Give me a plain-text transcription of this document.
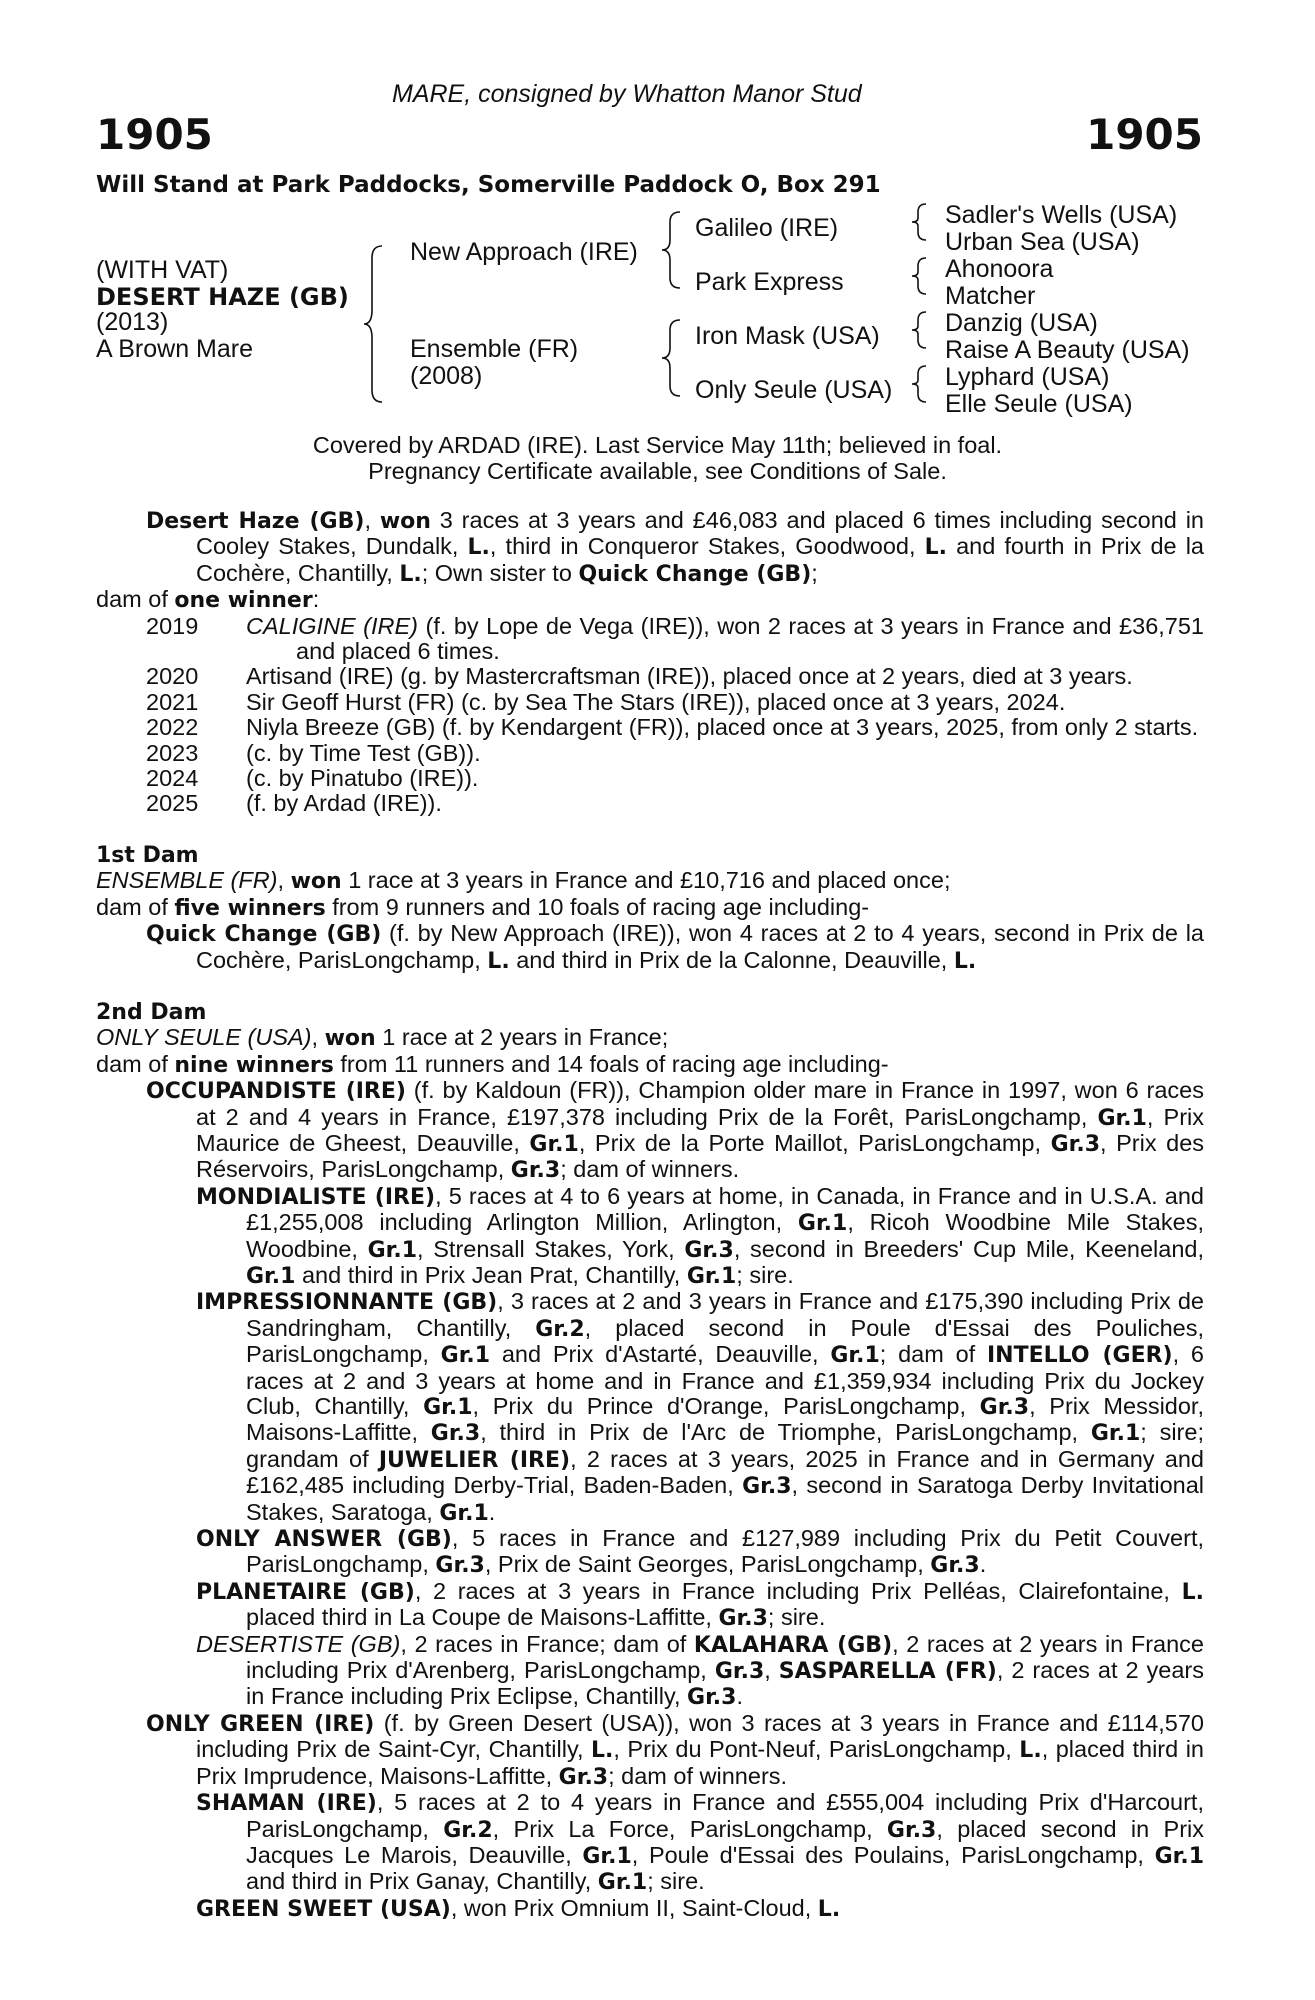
MARE, consigned by Whatton Manor Stud
1905	1905
Will Stand at Park Paddocks, Somerville Paddock O, Box 291
(WITH VAT)
DESERT HAZE (GB)
(2013)
A Brown Mare
New Approach (IRE)
Ensemble (FR)
(2008)
Galileo (IRE)
Park Express
Iron Mask (USA)
Only Seule (USA)
Sadler's Wells (USA)
Urban Sea (USA)
Ahonoora
Matcher
Danzig (USA)
Raise A Beauty (USA)
Lyphard (USA)
Elle Seule (USA)
Covered by ARDAD (IRE). Last Service May 11th; believed in foal.
Pregnancy Certificate available, see Conditions of Sale.

Desert Haze (GB), won 3 races at 3 years and £46,083 and placed 6 times including second in Cooley Stakes, Dundalk, L., third in Conqueror Stakes, Goodwood, L. and fourth in Prix de la Cochère, Chantilly, L.; Own sister to Quick Change (GB);

dam of one winner:

2019	CALIGINE (IRE) (f. by Lope de Vega (IRE)), won 2 races at 3 years in France and £36,751 and placed 6 times.
2020	Artisand (IRE) (g. by Mastercraftsman (IRE)), placed once at 2 years, died at 3 years.
2021	Sir Geoff Hurst (FR) (c. by Sea The Stars (IRE)), placed once at 3 years, 2024.
2022	Niyla Breeze (GB) (f. by Kendargent (FR)), placed once at 3 years, 2025, from only 2 starts.
2023	(c. by Time Test (GB)).
2024	(c. by Pinatubo (IRE)).
2025	(f. by Ardad (IRE)).

1st Dam

ENSEMBLE (FR), won 1 race at 3 years in France and £10,716 and placed once;

dam of five winners from 9 runners and 10 foals of racing age including-

Quick Change (GB) (f. by New Approach (IRE)), won 4 races at 2 to 4 years, second in Prix de la Cochère, ParisLongchamp, L. and third in Prix de la Calonne, Deauville, L.

2nd Dam

ONLY SEULE (USA), won 1 race at 2 years in France;

dam of nine winners from 11 runners and 14 foals of racing age including-

OCCUPANDISTE (IRE) (f. by Kaldoun (FR)), Champion older mare in France in 1997, won 6 races at 2 and 4 years in France, £197,378 including Prix de la Forêt, ParisLongchamp, Gr.1, Prix Maurice de Gheest, Deauville, Gr.1, Prix de la Porte Maillot, ParisLongchamp, Gr.3, Prix des Réservoirs, ParisLongchamp, Gr.3; dam of winners.

MONDIALISTE (IRE), 5 races at 4 to 6 years at home, in Canada, in France and in U.S.A. and £1,255,008 including Arlington Million, Arlington, Gr.1, Ricoh Woodbine Mile Stakes, Woodbine, Gr.1, Strensall Stakes, York, Gr.3, second in Breeders' Cup Mile, Keeneland, Gr.1 and third in Prix Jean Prat, Chantilly, Gr.1; sire.

IMPRESSIONNANTE (GB), 3 races at 2 and 3 years in France and £175,390 including Prix de Sandringham, Chantilly, Gr.2, placed second in Poule d'Essai des Pouliches, ParisLongchamp, Gr.1 and Prix d'Astarté, Deauville, Gr.1; dam of INTELLO (GER), 6 races at 2 and 3 years at home and in France and £1,359,934 including Prix du Jockey Club, Chantilly, Gr.1, Prix du Prince d'Orange, ParisLongchamp, Gr.3, Prix Messidor, Maisons-Laffitte, Gr.3, third in Prix de l'Arc de Triomphe, ParisLongchamp, Gr.1; sire; grandam of JUWELIER (IRE), 2 races at 3 years, 2025 in France and in Germany and £162,485 including Derby-Trial, Baden-Baden, Gr.3, second in Saratoga Derby Invitational Stakes, Saratoga, Gr.1.

ONLY ANSWER (GB), 5 races in France and £127,989 including Prix du Petit Couvert, ParisLongchamp, Gr.3, Prix de Saint Georges, ParisLongchamp, Gr.3.

PLANETAIRE (GB), 2 races at 3 years in France including Prix Pelléas, Clairefontaine, L. placed third in La Coupe de Maisons-Laffitte, Gr.3; sire.

DESERTISTE (GB), 2 races in France; dam of KALAHARA (GB), 2 races at 2 years in France including Prix d'Arenberg, ParisLongchamp, Gr.3, SASPARELLA (FR), 2 races at 2 years in France including Prix Eclipse, Chantilly, Gr.3.

ONLY GREEN (IRE) (f. by Green Desert (USA)), won 3 races at 3 years in France and £114,570 including Prix de Saint-Cyr, Chantilly, L., Prix du Pont-Neuf, ParisLongchamp, L., placed third in Prix Imprudence, Maisons-Laffitte, Gr.3; dam of winners.

SHAMAN (IRE), 5 races at 2 to 4 years in France and £555,004 including Prix d'Harcourt, ParisLongchamp, Gr.2, Prix La Force, ParisLongchamp, Gr.3, placed second in Prix Jacques Le Marois, Deauville, Gr.1, Poule d'Essai des Poulains, ParisLongchamp, Gr.1 and third in Prix Ganay, Chantilly, Gr.1; sire.

GREEN SWEET (USA), won Prix Omnium II, Saint-Cloud, L.
